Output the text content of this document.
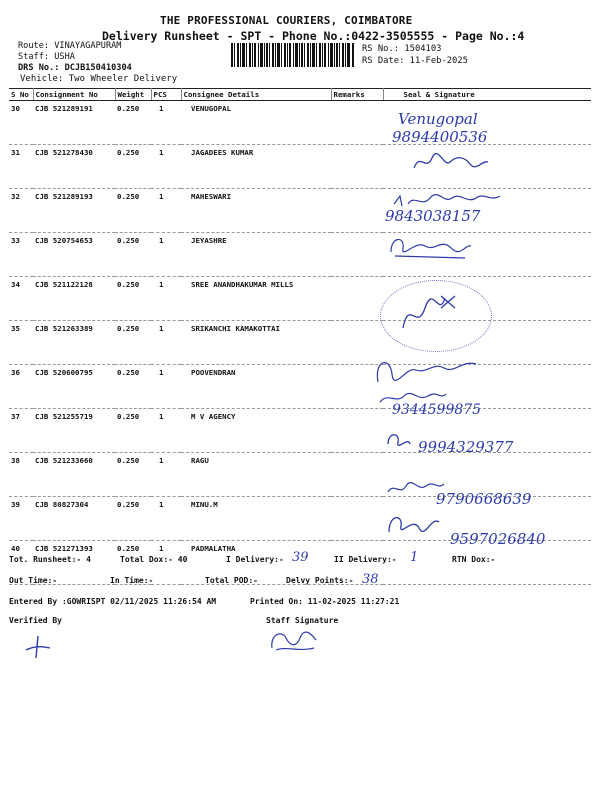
THE PROFESSIONAL COURIERS, COIMBATORE
Delivery Runsheet - SPT - Phone No.:0422-3505555 - Page No.:4
Route: VINAYAGAPURAM
Staff: USHA
DRS No.: DCJB150410304
Vehicle: Two Wheeler Delivery
RS No.: 1504103
RS Date: 11-Feb-2025
S No	Consignment No	Weight	PCS	Consignee Details	Remarks	Seal & Signature
30	CJB 521289191	0.250	1	VENUGOPAL		
31	CJB 521278430	0.250	1	JAGADEES KUMAR		
32	CJB 521289193	0.250	1	MAHESWARI		
33	CJB 520754653	0.250	1	JEYASHRE		
34	CJB 521122128	0.250	1	SREE ANANDHAKUMAR MILLS		
35	CJB 521263389	0.250	1	SRIKANCHI KAMAKOTTAI		
36	CJB 520600795	0.250	1	POOVENDRAN		
37	CJB 521255719	0.250	1	M V AGENCY		
38	CJB 521233660	0.250	1	RAGU		
39	CJB 80827304	0.250	1	MINU.M		
40	CJB 521271393	0.250	1	PADMALATHA		
Venugopal
9894400536
9843038157
9344599875
9994329377
9790668639
9597026840
Tot. Runsheet:- 4	Total Dox:- 40	I Delivery:- 39	II Delivery:- 1	RTN Dox:-
Out Time:-	In Time:-	Total POD:-	Delvy Points:- 38
Entered By :GOWRISPT 02/11/2025 11:26:54 AM	Printed On: 11-02-2025 11:27:21
Verified By	Staff Signature
